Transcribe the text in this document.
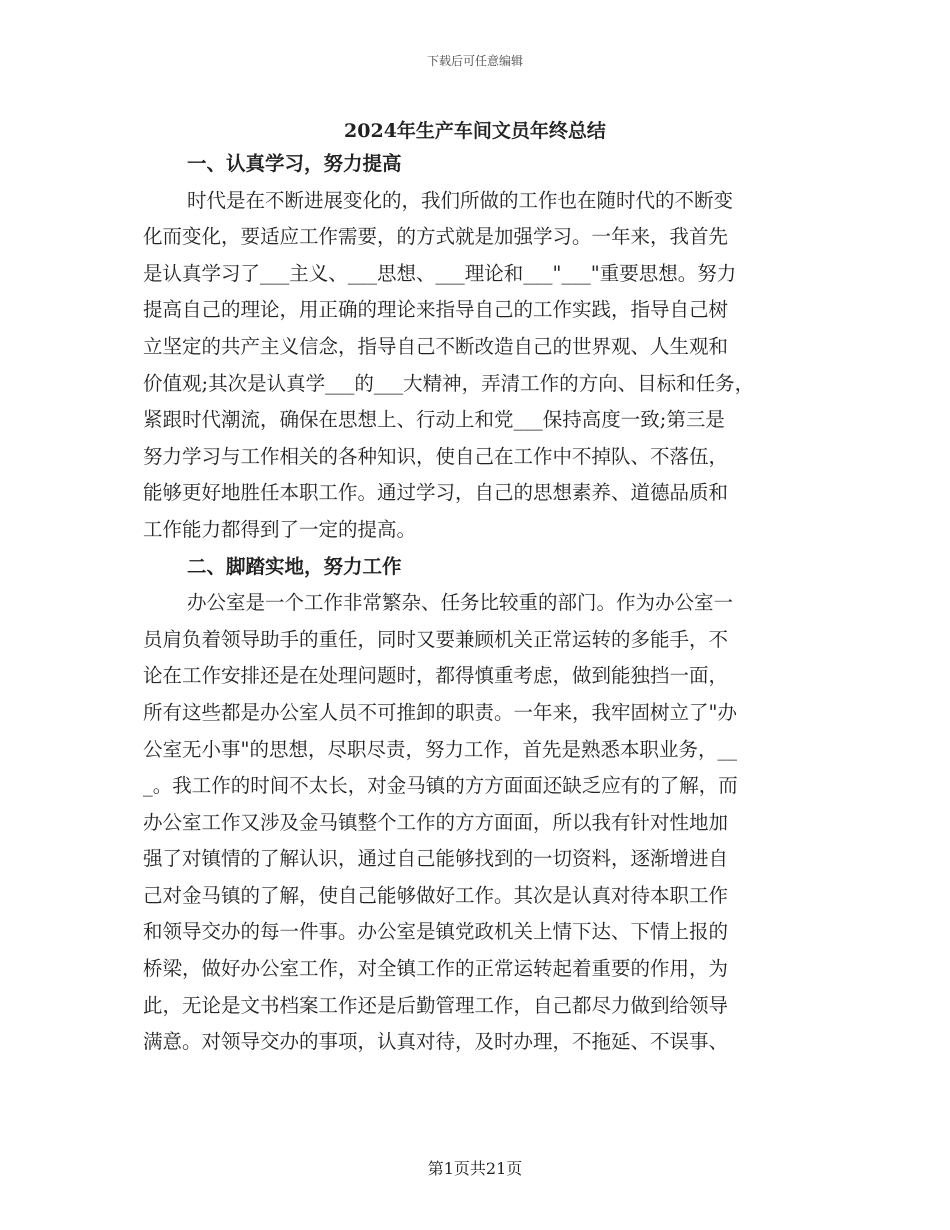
下载后可任意编辑
2024年生产车间文员年终总结
一、认真学习，努力提高
时代是在不断进展变化的，我们所做的工作也在随时代的不断变
化而变化，要适应工作需要，的方式就是加强学习。一年来，我首先
是认真学习了___主义、___思想、___理论和___"___"重要思想。努力
提高自己的理论，用正确的理论来指导自己的工作实践，指导自己树
立坚定的共产主义信念，指导自己不断改造自己的世界观、人生观和
价值观;其次是认真学___的___大精神，弄清工作的方向、目标和任务，
紧跟时代潮流，确保在思想上、行动上和党___保持高度一致;第三是
努力学习与工作相关的各种知识，使自己在工作中不掉队、不落伍，
能够更好地胜任本职工作。通过学习，自己的思想素养、道德品质和
工作能力都得到了一定的提高。
二、脚踏实地，努力工作
办公室是一个工作非常繁杂、任务比较重的部门。作为办公室一
员肩负着领导助手的重任，同时又要兼顾机关正常运转的多能手，不
论在工作安排还是在处理问题时，都得慎重考虑，做到能独挡一面，
所有这些都是办公室人员不可推卸的职责。一年来，我牢固树立了"办
公室无小事"的思想，尽职尽责，努力工作，首先是熟悉本职业务，__
_。我工作的时间不太长，对金马镇的方方面面还缺乏应有的了解，而
办公室工作又涉及金马镇整个工作的方方面面，所以我有针对性地加
强了对镇情的了解认识，通过自己能够找到的一切资料，逐渐增进自
己对金马镇的了解，使自己能够做好工作。其次是认真对待本职工作
和领导交办的每一件事。办公室是镇党政机关上情下达、下情上报的
桥梁，做好办公室工作，对全镇工作的正常运转起着重要的作用，为
此，无论是文书档案工作还是后勤管理工作，自己都尽力做到给领导
满意。对领导交办的事项，认真对待，及时办理，不拖延、不误事、
第1页共21页
